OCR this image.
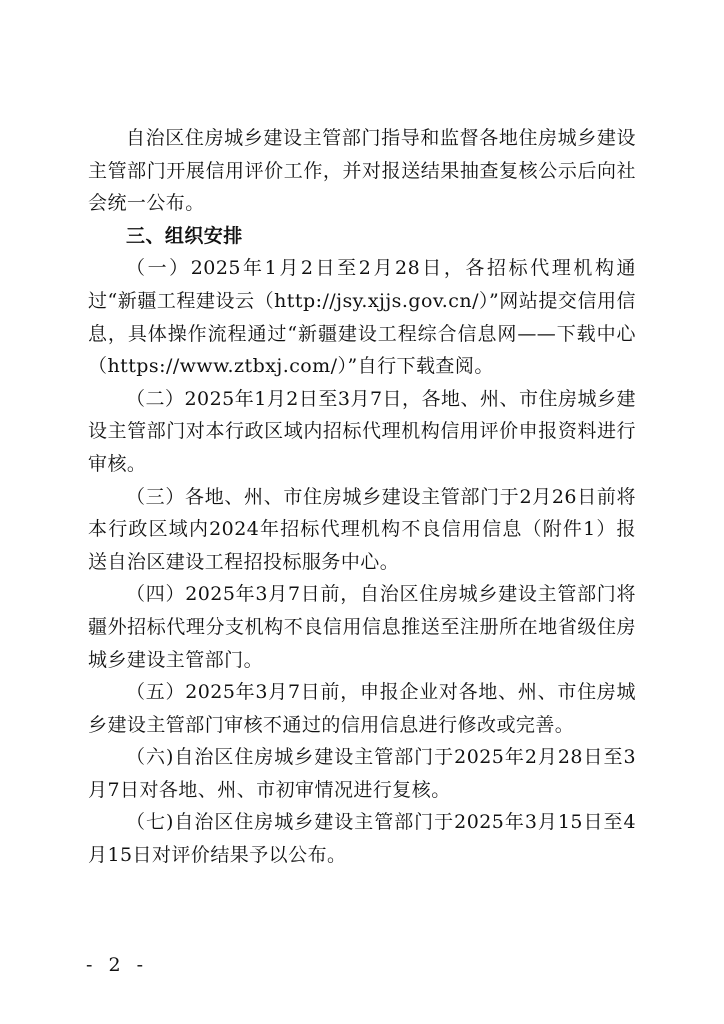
自治区住房城乡建设主管部门指导和监督各地住房城乡建设主管部门开展信用评价工作，并对报送结果抽查复核公示后向社会统一公布。

三、组织安排

（一）2025年1月2日至2月28日，各招标代理机构通过“新疆工程建设云（http://jsy.xjjs.gov.cn/）”网站提交信用信息，具体操作流程通过“新疆建设工程综合信息网——下载中心（https://www.ztbxj.com/）”自行下载查阅。

（二）2025年1月2日至3月7日，各地、州、市住房城乡建设主管部门对本行政区域内招标代理机构信用评价申报资料进行审核。

（三）各地、州、市住房城乡建设主管部门于2月26日前将本行政区域内2024年招标代理机构不良信用信息（附件1）报送自治区建设工程招投标服务中心。

（四）2025年3月7日前，自治区住房城乡建设主管部门将疆外招标代理分支机构不良信用信息推送至注册所在地省级住房城乡建设主管部门。

（五）2025年3月7日前，申报企业对各地、州、市住房城乡建设主管部门审核不通过的信用信息进行修改或完善。

（六)自治区住房城乡建设主管部门于2025年2月28日至3月7日对各地、州、市初审情况进行复核。

（七)自治区住房城乡建设主管部门于2025年3月15日至4月15日对评价结果予以公布。

- 2 -
